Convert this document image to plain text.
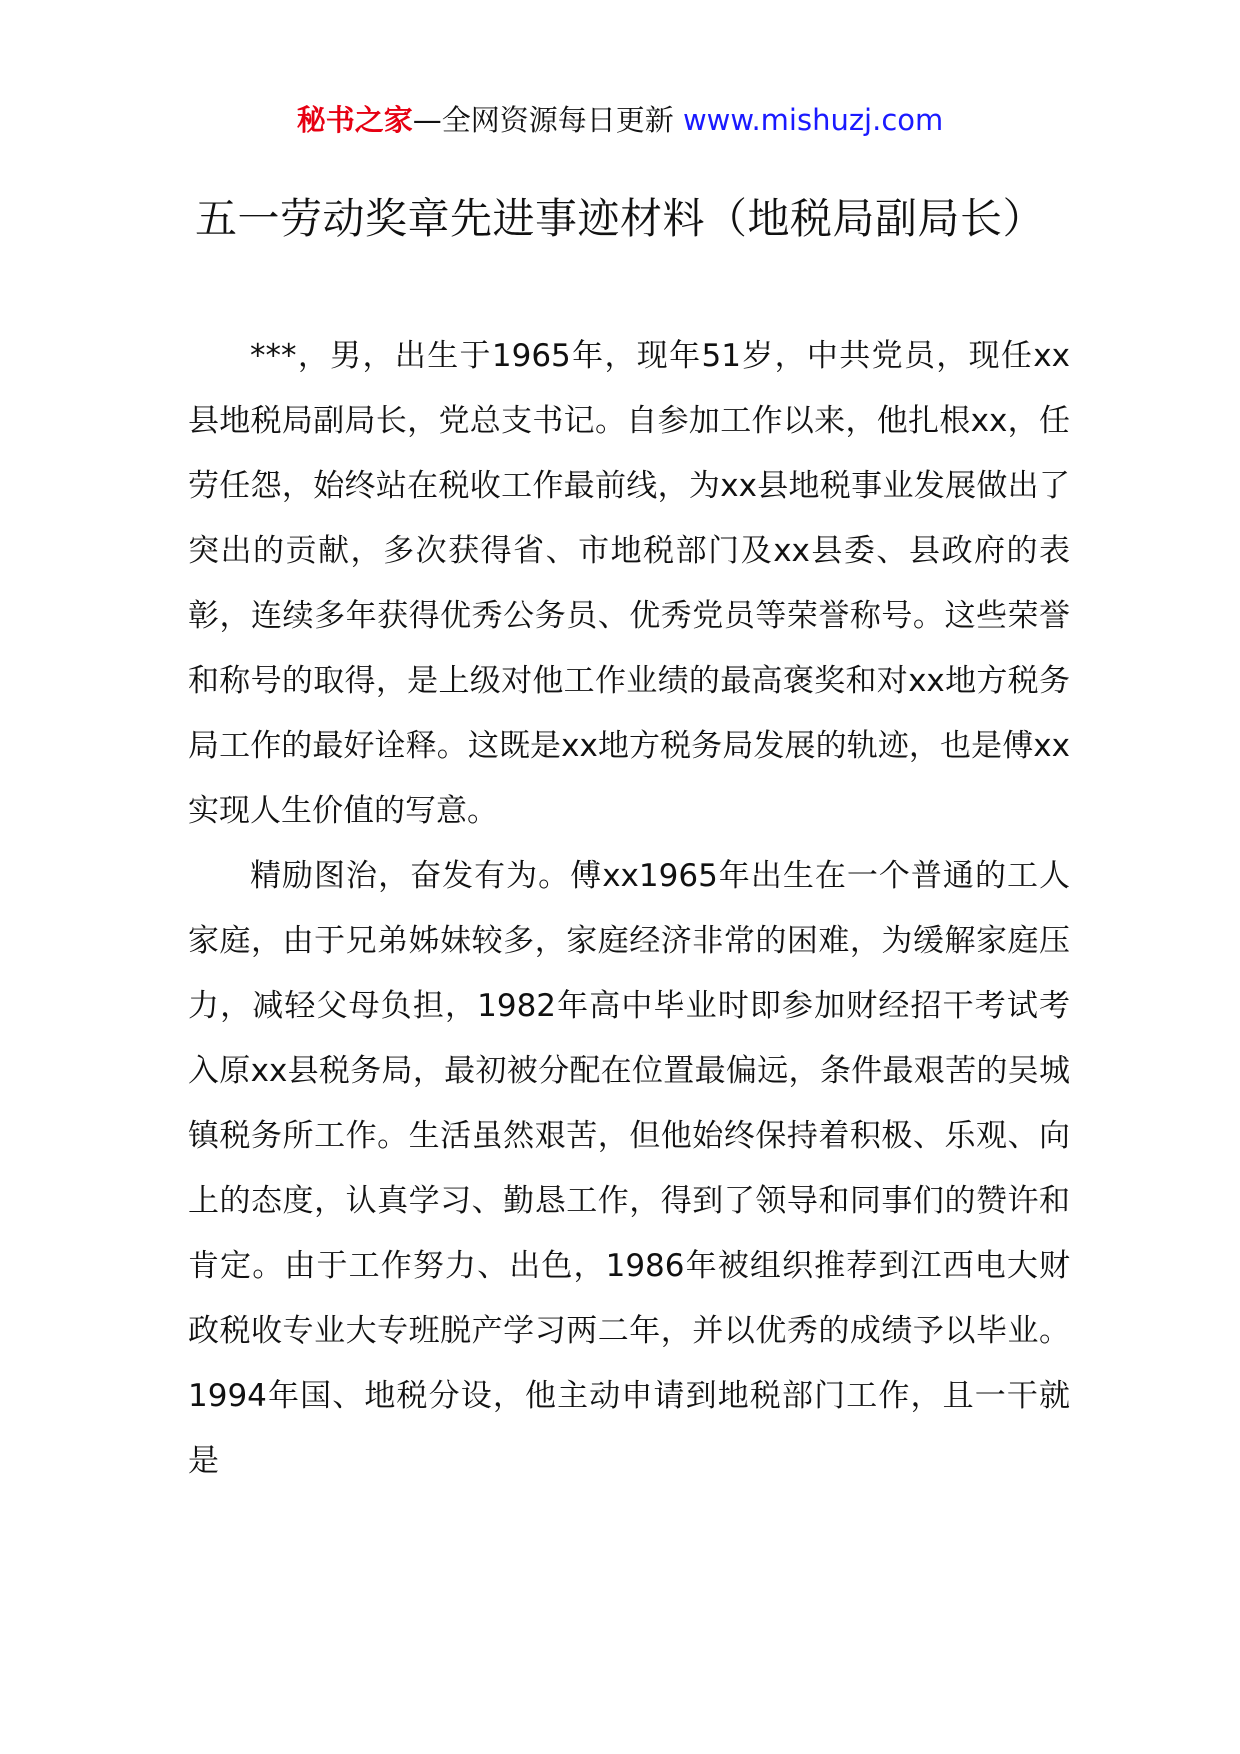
秘书之家—全网资源每日更新 www.mishuzj.com
五一劳动奖章先进事迹材料（地税局副局长）

***，男，出生于1965年，现年51岁，中共党员，现任xx县地税局副局长，党总支书记。自参加工作以来，他扎根xx，任劳任怨，始终站在税收工作最前线，为xx县地税事业发展做出了突出的贡献，多次获得省、市地税部门及xx县委、县政府的表彰，连续多年获得优秀公务员、优秀党员等荣誉称号。这些荣誉和称号的取得，是上级对他工作业绩的最高褒奖和对xx地方税务局工作的最好诠释。这既是xx地方税务局发展的轨迹，也是傅xx实现人生价值的写意。

精励图治，奋发有为。傅xx1965年出生在一个普通的工人家庭，由于兄弟姊妹较多，家庭经济非常的困难，为缓解家庭压力，减轻父母负担，1982年高中毕业时即参加财经招干考试考入原xx县税务局，最初被分配在位置最偏远，条件最艰苦的吴城镇税务所工作。生活虽然艰苦，但他始终保持着积极、乐观、向上的态度，认真学习、勤恳工作，得到了领导和同事们的赞许和肯定。由于工作努力、出色，1986年被组织推荐到江西电大财政税收专业大专班脱产学习两二年，并以优秀的成绩予以毕业。1994年国、地税分设，他主动申请到地税部门工作，且一干就是
